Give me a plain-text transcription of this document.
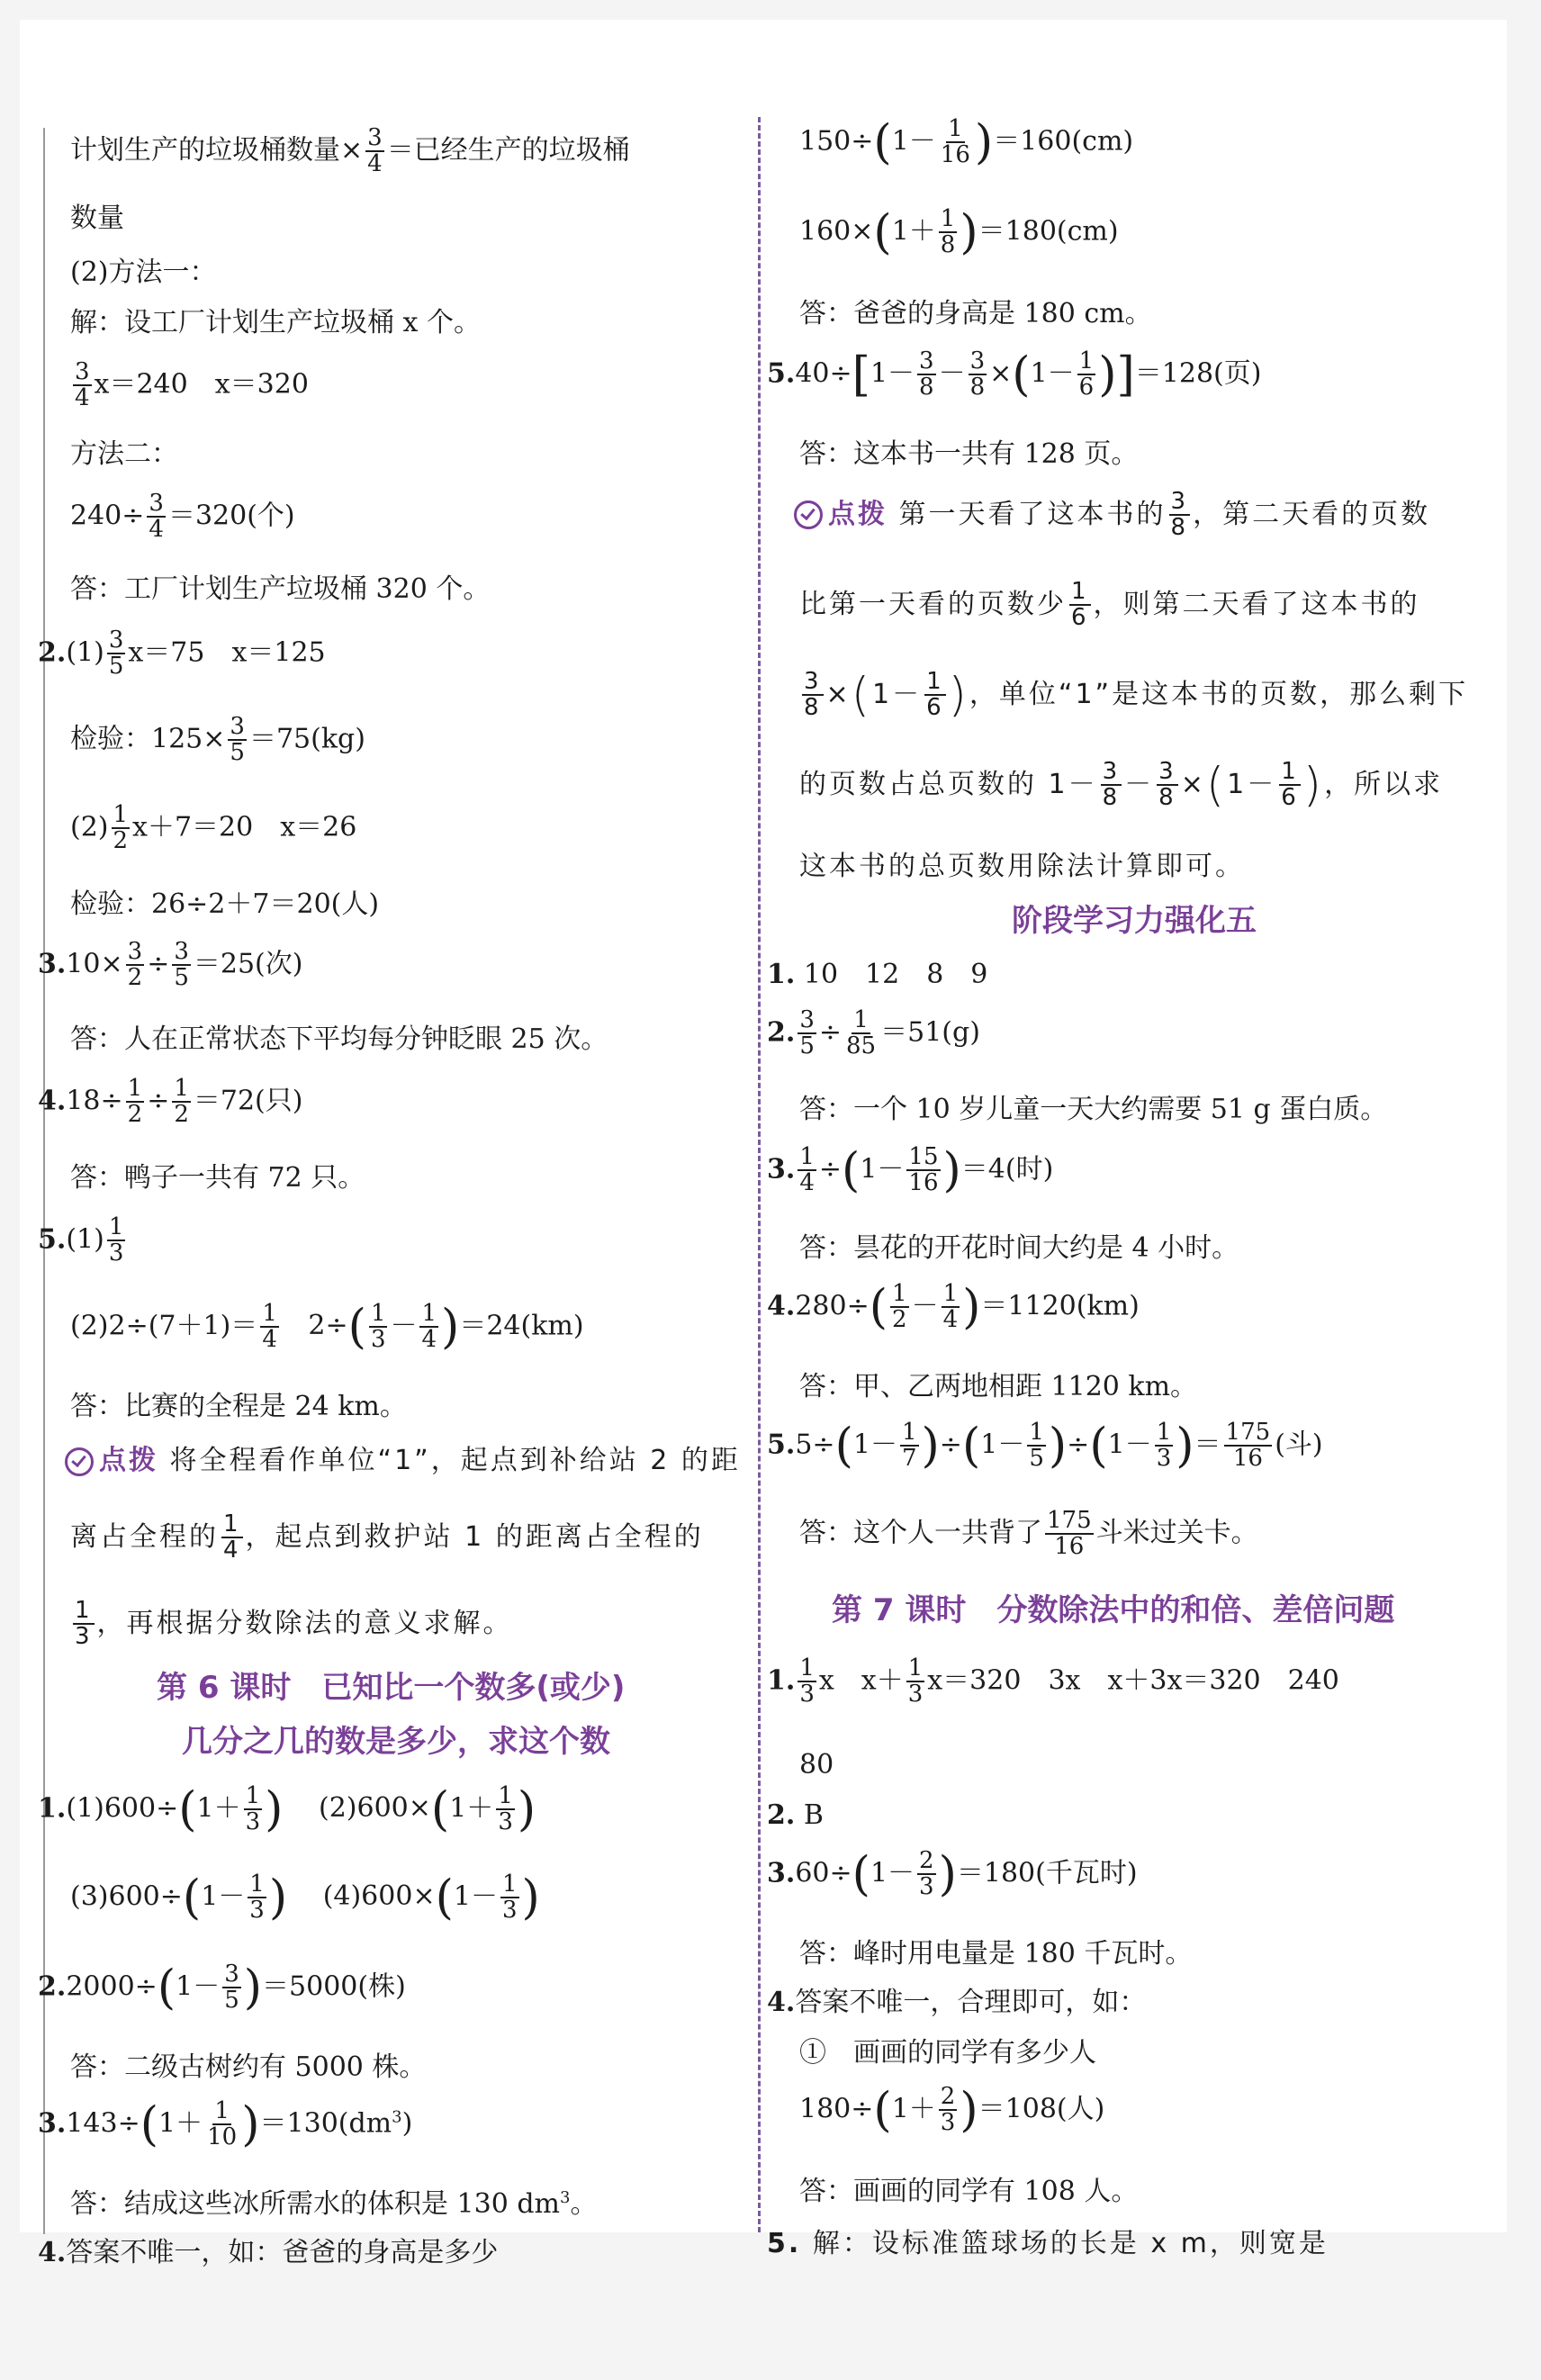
计划生产的垃圾桶数量× $\frac{3}{4}$ ＝已经生产的垃圾桶
数量
(2)方法一：
解：设工厂计划生产垃圾桶 x 个。
$\frac{3}{4} x=240$　x＝320
方法二：
$240\div \frac{3}{4} =320$(个)
答：工厂计划生产垃圾桶 320 个。
$2.(1) \frac{3}{5} x=75$　x＝125
检验：$125\times \frac{3}{5} =75(kg)$
$(2) \frac{1}{2} x+7=20$　x＝26
检验：26÷2＋7＝20(人)
$3.10\times \frac{3}{2} \div \frac{3}{5} =25$(次)
答：人在正常状态下平均每分钟眨眼 25 次。
$4.18\div \frac{1}{2} \div \frac{1}{2} =72$(只)
答：鸭子一共有 72 只。
$5.(1) \frac{1}{3}$
$(2)2\div(7+1)= \frac{1}{4} 2\div( \frac{1}{3} - \frac{1}{4} )=24(km)$
答：比赛的全程是 24 km。
点拨 将全程看作单位“1”，起点到补给站 2 的距
离占全程的 $\frac{1}{4}$ ，起点到救护站 1 的距离占全程的
$\frac{1}{3}$ ，再根据分数除法的意义求解。
第 6 课时　已知比一个数多(或少)
几分之几的数是多少，求这个数
$1.(1)600\div(1+ \frac{1}{3}$ ) $(2)600\times(1+ \frac{1}{3}$ )
$(3)600\div(1- \frac{1}{3}$ ) $(4)600\times(1- \frac{1}{3}$ )
$2.2000\div(1- \frac{3}{5} )=5000$(株)
答：二级古树约有 5000 株。
$3.143\div(1+ \frac{1}{10} )=130(dm^3)$
答：结成这些冰所需水的体积是 130 $dm^3$。
4.答案不唯一，如：爸爸的身高是多少
$150\div(1- \frac{1}{16} )=160(cm)$
$160\times(1+ \frac{1}{8} )=180(cm)$
答：爸爸的身高是 180 cm。
$5.40\div[1- \frac{3}{8} - \frac{3}{8} \times(1- \frac{1}{6} )]=128$(页)
答：这本书一共有 128 页。
点拨 第一天看了这本书的 $\frac{3}{8}$ ，第二天看的页数
比第一天看的页数少 $\frac{1}{6}$ ，则第二天看了这本书的
$\frac{3}{8} \times(1- \frac{1}{6}$ )，单位“1”是这本书的页数，那么剩下
的页数占总页数的 $1- \frac{3}{8} - \frac{3}{8} \times(1- \frac{1}{6}$ )，所以求
这本书的总页数用除法计算即可。
阶段学习力强化五
1. 10　12　8　9
2. $\frac{3}{5} \div \frac{1}{85} =51(g)$
答：一个 10 岁儿童一天大约需要 51 g 蛋白质。
3. $\frac{1}{4} \div(1- \frac{15}{16} )=4$(时)
答：昙花的开花时间大约是 4 小时。
$4.280\div( \frac{1}{2} - \frac{1}{4} )=1120(km)$
答：甲、乙两地相距 1120 km。
$5.5\div(1- \frac{1}{7} )\div(1- \frac{1}{5} )\div(1- \frac{1}{3}$ )＝ $\frac{175}{16}$ (斗)
答：这个人一共背了 $\frac{175}{16}$ 斗米过关卡。
第 7 课时　分数除法中的和倍、差倍问题
1. $\frac{1}{3}$ x　$x+ \frac{1}{3} x=320$　3x　x＋3x＝320　240
80
2. B
$3.60\div(1- \frac{2}{3} )=180$(千瓦时)
答：峰时用电量是 180 千瓦时。
4.答案不唯一，合理即可，如：
①　画画的同学有多少人
$180\div(1+ \frac{2}{3} )=108$(人)
答：画画的同学有 108 人。
5. 解：设标准篮球场的长是 x m，则宽是
